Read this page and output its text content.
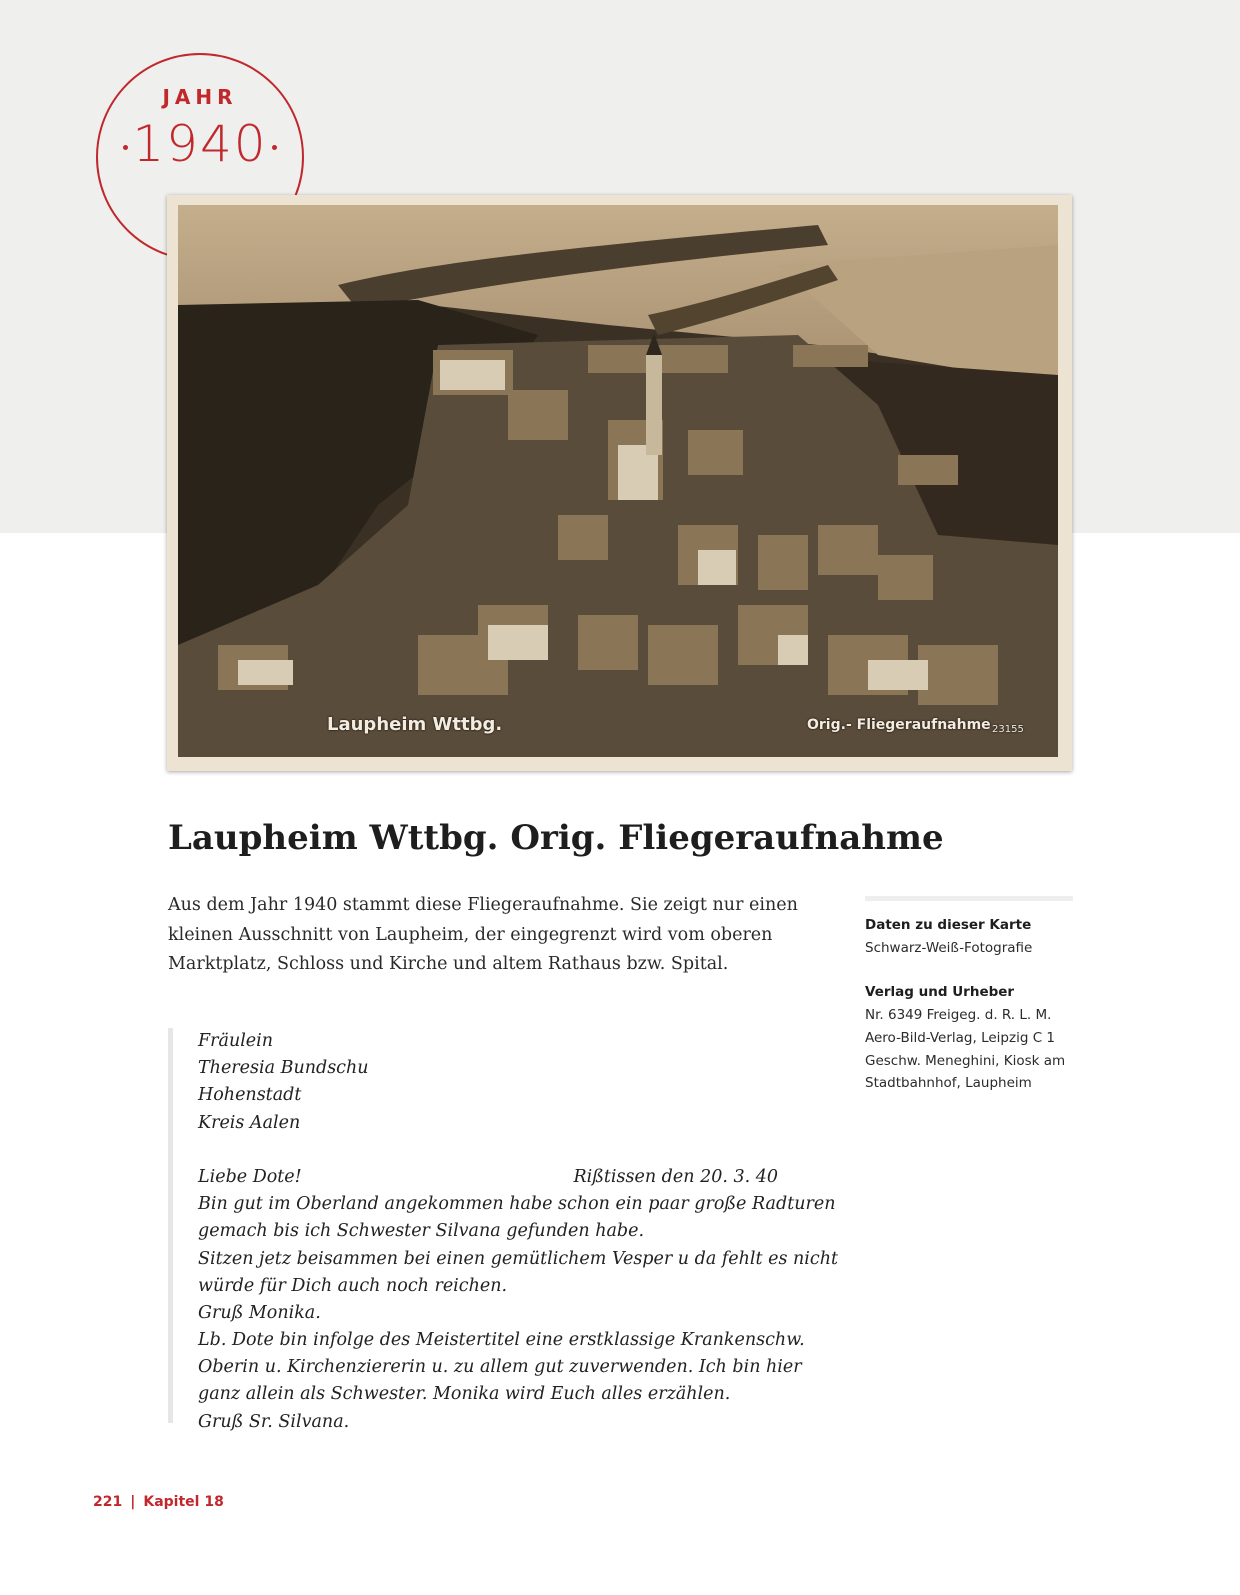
JAHR
1940
Laupheim Wttbg.	Orig.- Fliegeraufnahme 23155
Laupheim Wttbg. Orig. Fliegeraufnahme

Aus dem Jahr 1940 stammt diese Fliegeraufnahme. Sie zeigt nur einen
kleinen Ausschnitt von Laupheim, der eingegrenzt wird vom oberen
Marktplatz, Schloss und Kirche und altem Rathaus bzw. Spital.

Fräulein
Theresia Bundschu
Hohenstadt
Kreis Aalen
Liebe Dote!	Rißtissen den 20. 3. 40
Bin gut im Oberland angekommen habe schon ein paar große Radturen
gemach bis ich Schwester Silvana gefunden habe.
Sitzen jetz beisammen bei einen gemütlichem Vesper u da fehlt es nicht
würde für Dich auch noch reichen.
Gruß Monika.
Lb. Dote bin infolge des Meistertitel eine erstklassige Krankenschw.
Oberin u. Kirchenziererin u. zu allem gut zuverwenden. Ich bin hier
ganz allein als Schwester. Monika wird Euch alles erzählen.
Gruß Sr. Silvana.
Daten zu dieser Karte
Schwarz-Weiß-Fotografie
Verlag und Urheber
Nr. 6349 Freigeg. d. R. L. M.
Aero-Bild-Verlag, Leipzig C 1
Geschw. Meneghini, Kiosk am
Stadtbahnhof, Laupheim
221 | Kapitel 18
